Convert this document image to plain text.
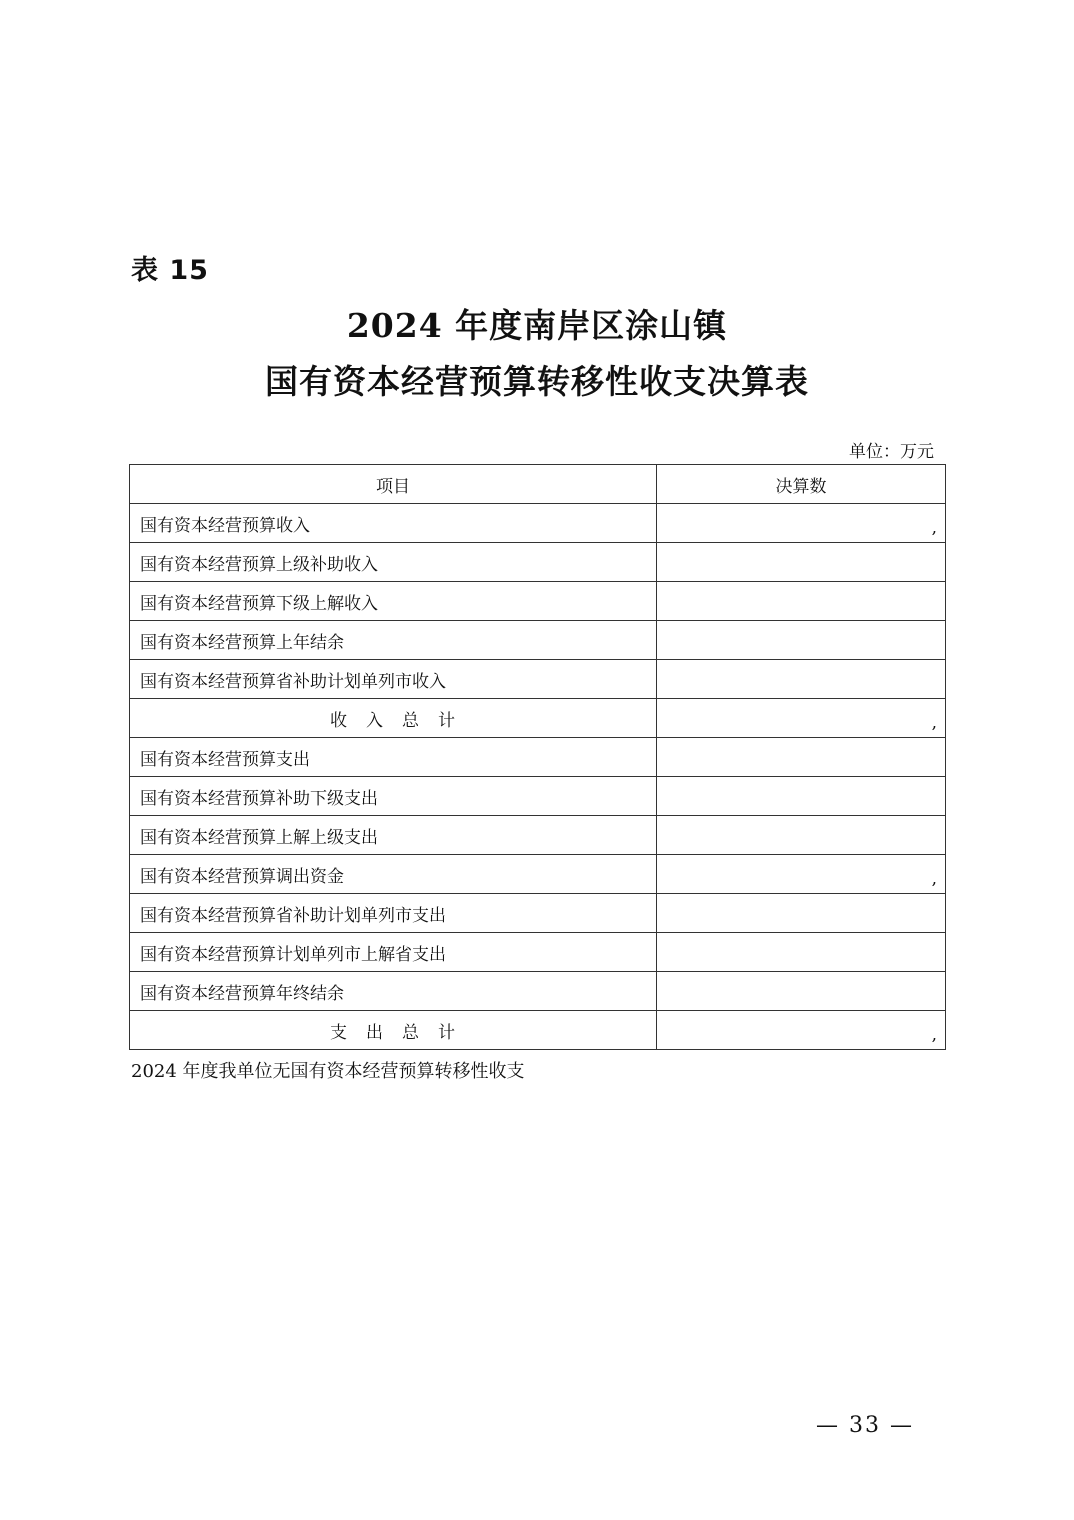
表 15
2024 年度南岸区涂山镇
国有资本经营预算转移性收支决算表
单位：万元
项目	决算数
国有资本经营预算收入	,
国有资本经营预算上级补助收入	
国有资本经营预算下级上解收入	
国有资本经营预算上年结余	
国有资本经营预算省补助计划单列市收入	
收　入　总　计	,
国有资本经营预算支出	
国有资本经营预算补助下级支出	
国有资本经营预算上解上级支出	
国有资本经营预算调出资金	,
国有资本经营预算省补助计划单列市支出	
国有资本经营预算计划单列市上解省支出	
国有资本经营预算年终结余	
支　出　总　计	,
2024 年度我单位无国有资本经营预算转移性收支
— 33 —
